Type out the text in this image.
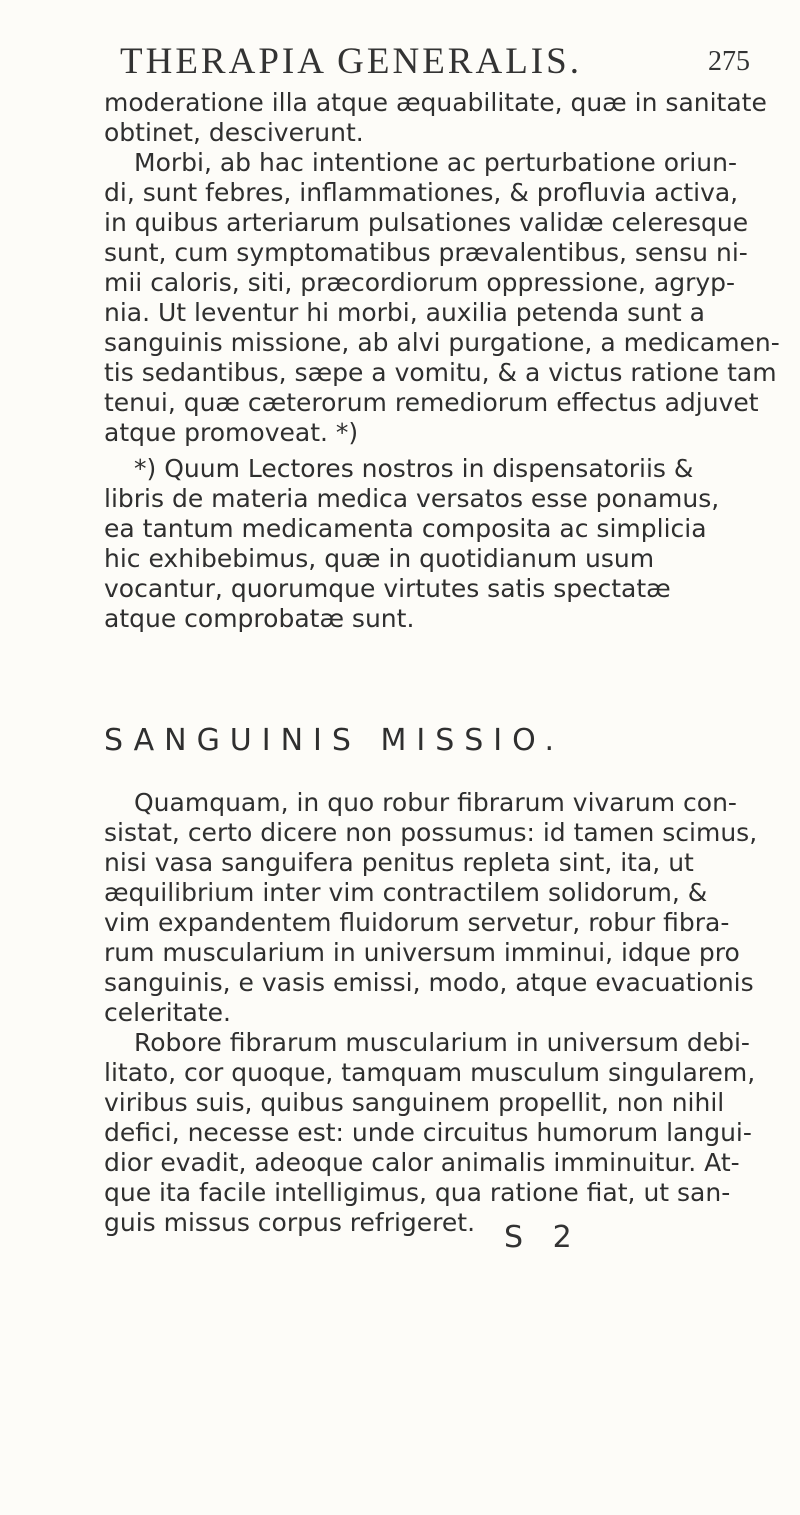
THERAPIA GENERALIS.	275
moderatione illa atque æquabilitate, quæ in sanitate
obtinet, desciverunt.
Morbi, ab hac intentione ac perturbatione oriun-
di, sunt febres, inflammationes, & profluvia activa,
in quibus arteriarum pulsationes validæ celeresque
sunt, cum symptomatibus prævalentibus, sensu ni-
mii caloris, siti, præcordiorum oppressione, agryp-
nia. Ut leventur hi morbi, auxilia petenda sunt a
sanguinis missione, ab alvi purgatione, a medicamen-
tis sedantibus, sæpe a vomitu, & a victus ratione tam
tenui, quæ cæterorum remediorum effectus adjuvet
atque promoveat. *)
*) Quum Lectores nostros in dispensatoriis &
libris de materia medica versatos esse ponamus,
ea tantum medicamenta composita ac simplicia
hic exhibebimus, quæ in quotidianum usum
vocantur, quorumque virtutes satis spectatæ
atque comprobatæ sunt.
SANGUINIS MISSIO.
Quamquam, in quo robur fibrarum vivarum con-
sistat, certo dicere non possumus: id tamen scimus,
nisi vasa sanguifera penitus repleta sint, ita, ut
æquilibrium inter vim contractilem solidorum, &
vim expandentem fluidorum servetur, robur fibra-
rum muscularium in universum imminui, idque pro
sanguinis, e vasis emissi, modo, atque evacuationis
celeritate.
Robore fibrarum muscularium in universum debi-
litato, cor quoque, tamquam musculum singularem,
viribus suis, quibus sanguinem propellit, non nihil
defici, necesse est: unde circuitus humorum langui-
dior evadit, adeoque calor animalis imminuitur. At-
que ita facile intelligimus, qua ratione fiat, ut san-
guis missus corpus refrigeret. S 2
